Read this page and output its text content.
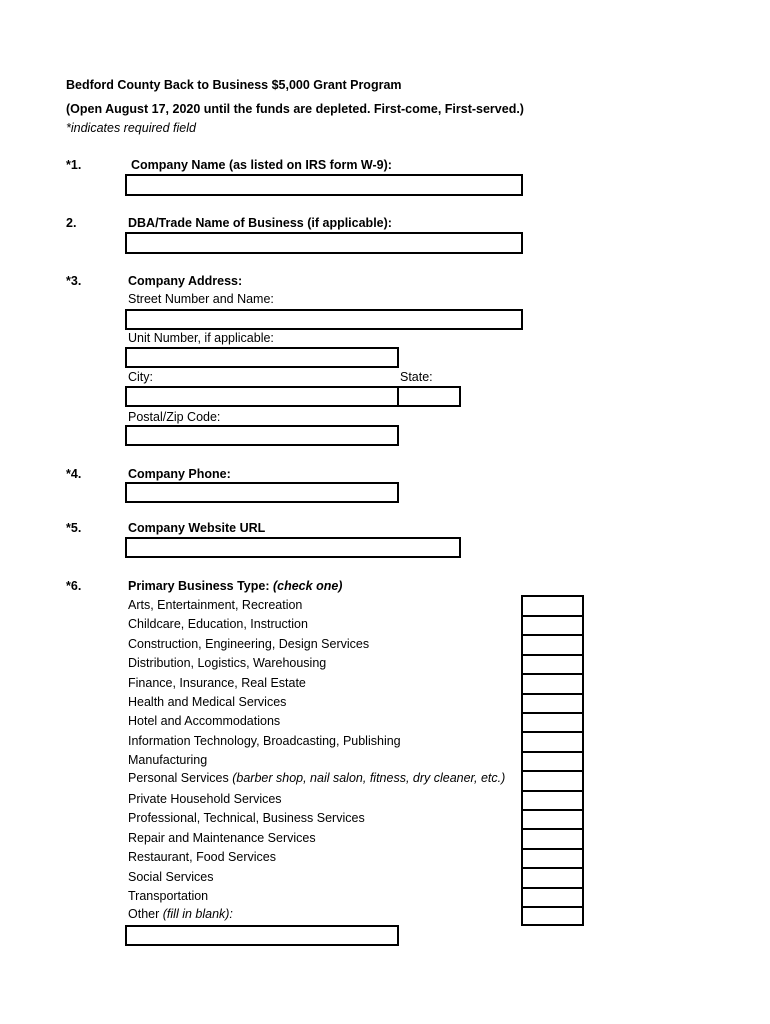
Bedford County Back to Business $5,000 Grant Program
(Open August 17, 2020 until the funds are depleted. First-come, First-served.)
*indicates required field
*1.	Company Name (as listed on IRS form W-9):
2.	DBA/Trade Name of Business (if applicable):
*3.	Company Address:
Street Number and Name:
Unit Number, if applicable:
City:	State:
Postal/Zip Code:
*4.	Company Phone:
*5.	Company Website URL
*6.	Primary Business Type: (check one)
Arts, Entertainment, Recreation
Childcare, Education, Instruction
Construction, Engineering, Design Services
Distribution, Logistics, Warehousing
Finance, Insurance, Real Estate
Health and Medical Services
Hotel and Accommodations
Information Technology, Broadcasting, Publishing
Manufacturing
Personal Services (barber shop, nail salon, fitness, dry cleaner, etc.)
Private Household Services
Professional, Technical, Business Services
Repair and Maintenance Services
Restaurant, Food Services
Social Services
Transportation
Other (fill in blank):
